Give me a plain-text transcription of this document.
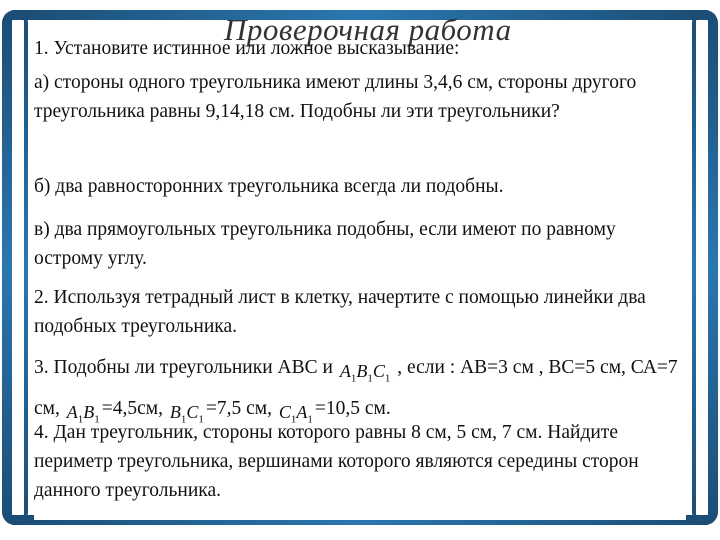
Проверочная работа
1. Установите истинное или ложное высказывание:
а) стороны одного треугольника имеют длины 3,4,6 см, стороны другого треугольника равны 9,14,18 см. Подобны ли эти треугольники?
б) два равносторонних треугольника всегда ли подобны.
в) два прямоугольных треугольника подобны, если имеют по равному острому углу.
2. Используя тетрадный лист в клетку, начертите с помощью линейки два подобных треугольника.
3. Подобны ли треугольники АВС и $A_1B_1C_1$ , если : АВ=3 см , ВС=5 см, СА=7 см, $A_1B_1=4,5см$, $B_1C_1=7,5$ см, $C_1A_1=10,5$ см.
4. Дан треугольник, стороны которого равны 8 см, 5 см, 7 см. Найдите периметр треугольника, вершинами которого являются середины сторон данного треугольника.
